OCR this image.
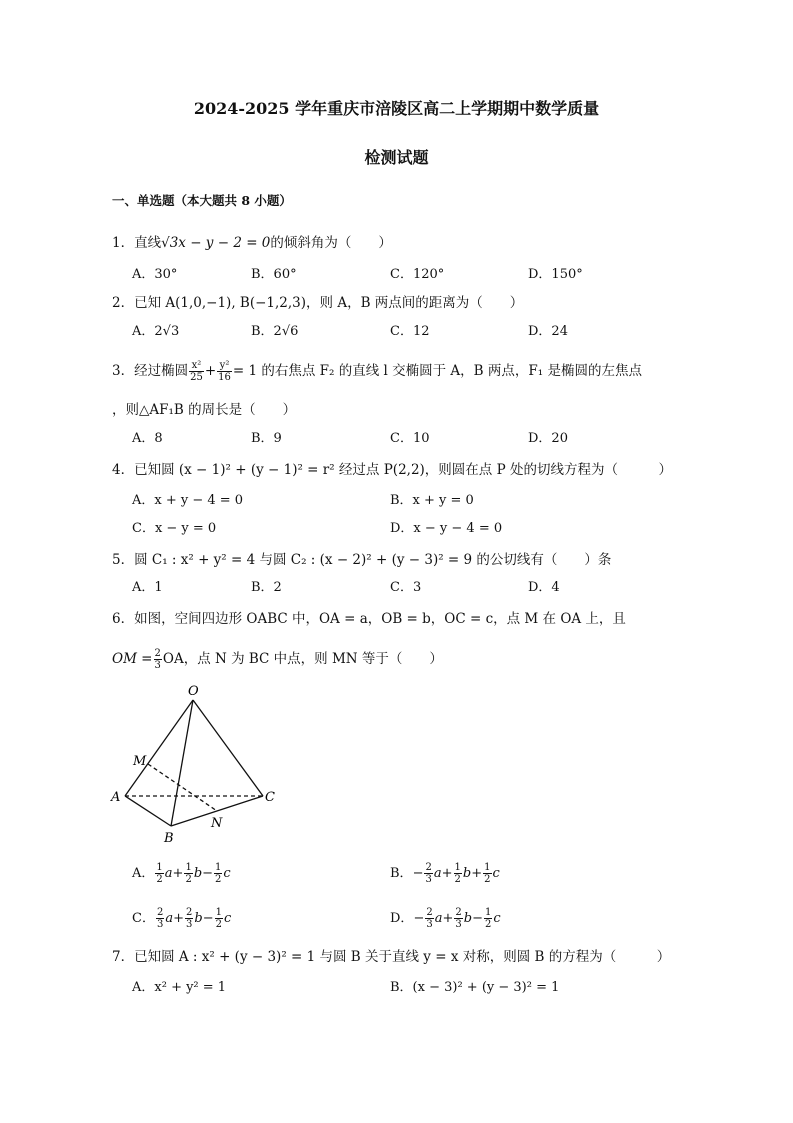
2024-2025 学年重庆市涪陵区高二上学期期中数学质量
检测试题
一、单选题（本大题共 8 小题）
1．直线√3x − y − 2 = 0的倾斜角为（　　）
A．30°	B．60°	C．120°	D．150°
2．已知 A(1,0,−1), B(−1,2,3)，则 A，B 两点间的距离为（　　）
A．2√3	B．2√6	C．12	D．24
3．经过椭圆 $\frac{\text{x²}}{25} + \frac{\text{y²}}{16} = 1$ 的右焦点 F₂ 的直线 l 交椭圆于 A，B 两点，F₁ 是椭圆的左焦点
，则△AF₁B 的周长是（　　）
A．8	B．9	C．10	D．20
4．已知圆 (x − 1)² + (y − 1)² = r² 经过点 P(2,2)，则圆在点 P 处的切线方程为（　　　）
A．x + y − 4 = 0	B．x + y = 0
C．x − y = 0	D．x − y − 4 = 0
5．圆 C₁ : x² + y² = 4 与圆 C₂ : (x − 2)² + (y − 3)² = 9 的公切线有（　　）条
A．1	B．2	C．3	D．4
6．如图，空间四边形 OABC 中，OA = a，OB = b，OC = c，点 M 在 OA 上，且
OM = $\frac{2}{3}$ OA，点 N 为 BC 中点，则 MN 等于（　　）
O
M
A	C
N
B
A． $\frac{1}{2} a+ \frac{1}{2} b- \frac{1}{2}$ c	B．− $\frac{2}{3} a+ \frac{1}{2} b+ \frac{1}{2}$ c
C． $\frac{2}{3} a+ \frac{2}{3} b- \frac{1}{2}$ c	D．− $\frac{2}{3} a+ \frac{2}{3} b- \frac{1}{2}$ c
7．已知圆 A : x² + (y − 3)² = 1 与圆 B 关于直线 y = x 对称，则圆 B 的方程为（　　　）
A．x² + y² = 1	B．(x − 3)² + (y − 3)² = 1
